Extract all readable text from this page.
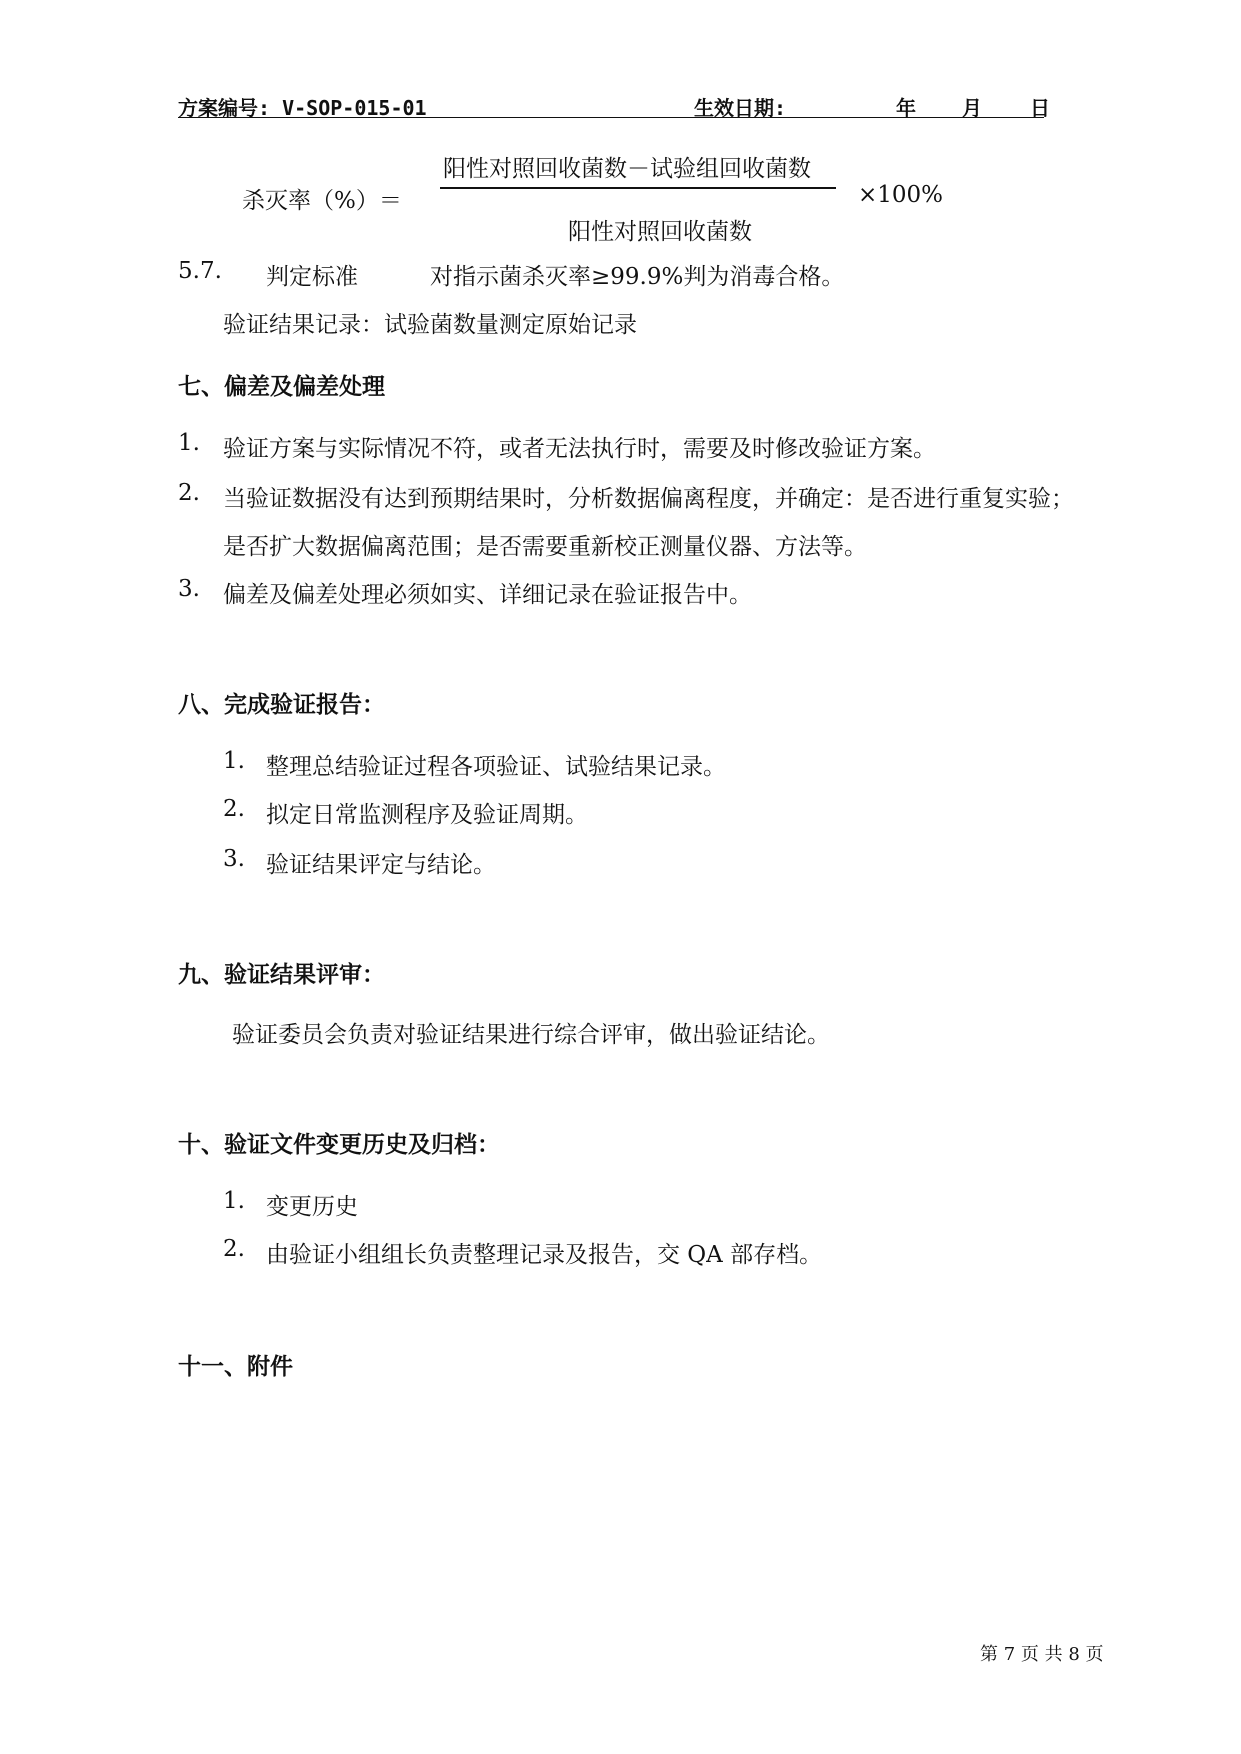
方案编号: V-SOP-015-01	生效日期:	年 月 日
杀灭率（%）＝
阳性对照回收菌数－试验组回收菌数
阳性对照回收菌数
×100%
5.7. 判定标准	对指示菌杀灭率≥99.9%判为消毒合格。
验证结果记录：试验菌数量测定原始记录
七、偏差及偏差处理
1. 验证方案与实际情况不符，或者无法执行时，需要及时修改验证方案。
2. 当验证数据没有达到预期结果时，分析数据偏离程度，并确定：是否进行重复实验；
是否扩大数据偏离范围；是否需要重新校正测量仪器、方法等。
3. 偏差及偏差处理必须如实、详细记录在验证报告中。
八、完成验证报告：
1. 整理总结验证过程各项验证、试验结果记录。
2. 拟定日常监测程序及验证周期。
3. 验证结果评定与结论。
九、验证结果评审：
验证委员会负责对验证结果进行综合评审，做出验证结论。
十、验证文件变更历史及归档：
1. 变更历史
2. 由验证小组组长负责整理记录及报告，交 QA 部存档。
十一、附件
第 7 页 共 8 页
